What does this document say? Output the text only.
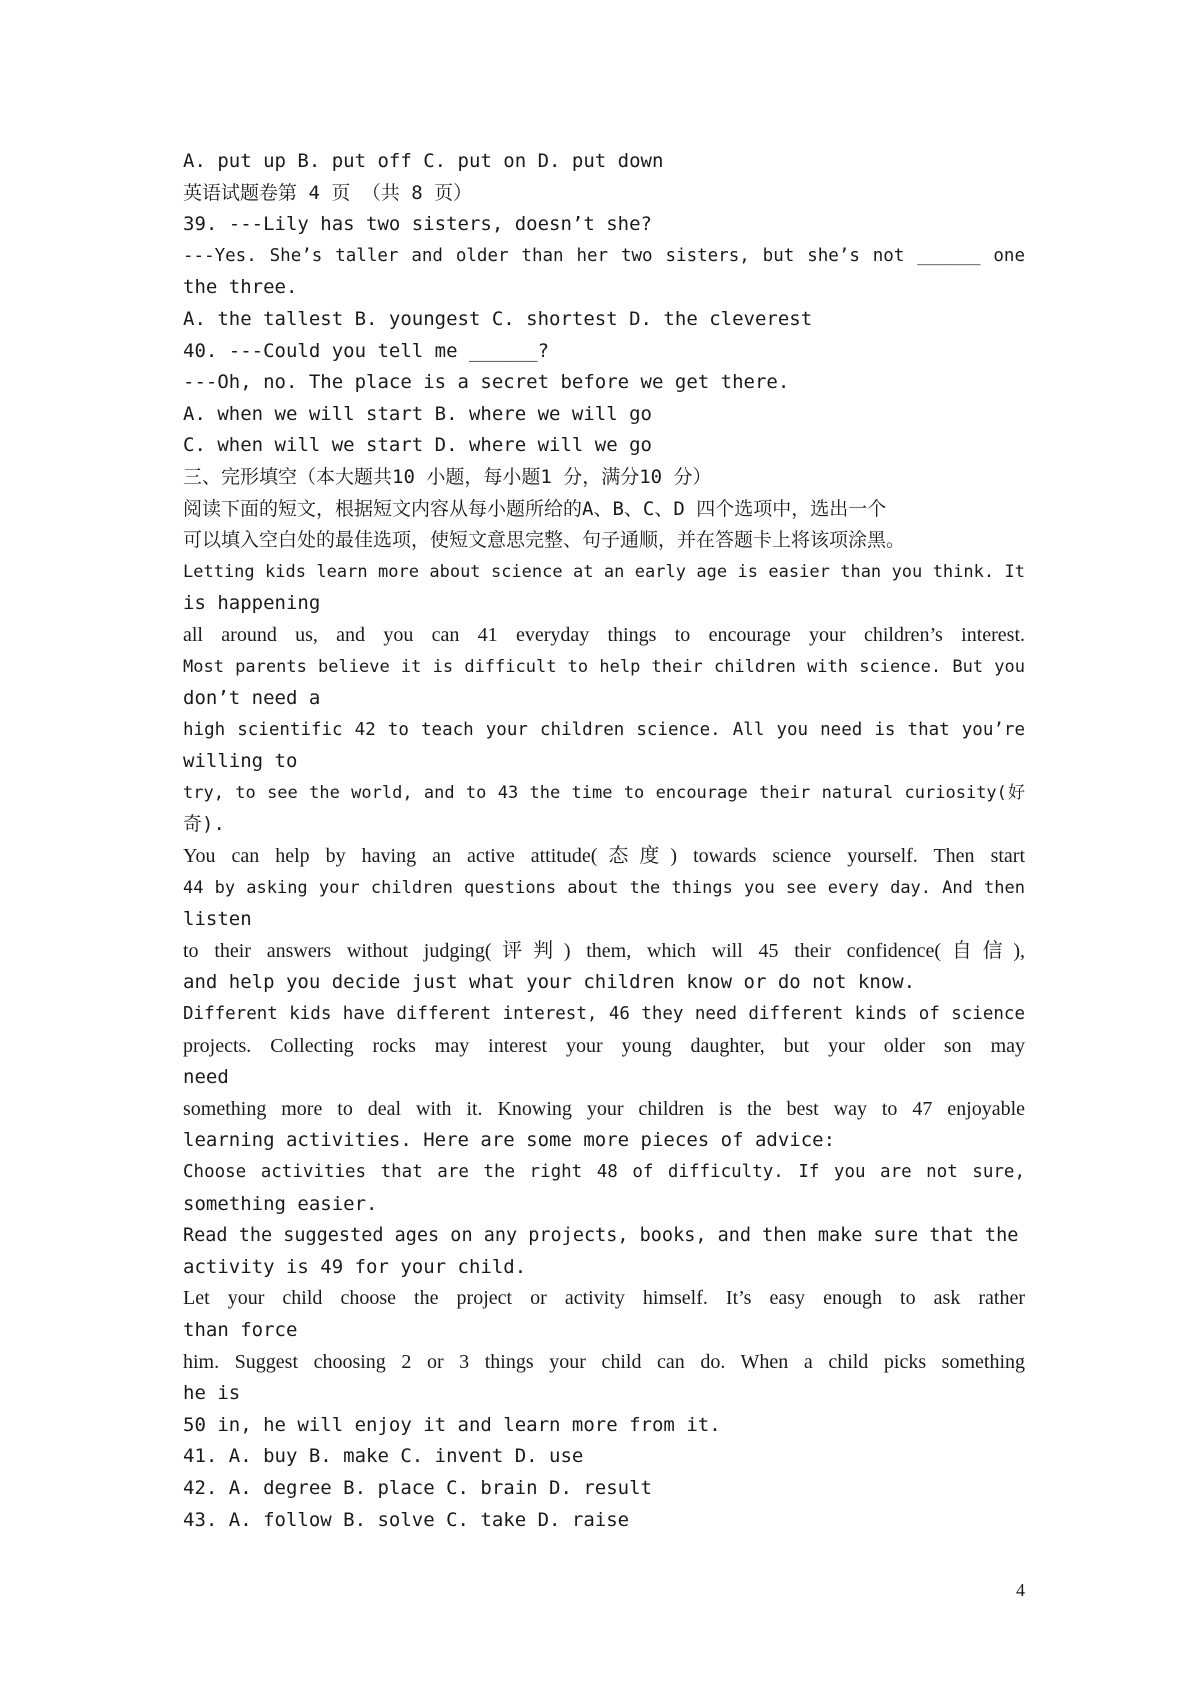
A. put up B. put off C. put on D. put down
英语试题卷第 4 页 （共 8 页）
39. ---Lily has two sisters, doesn’t she?
---Yes. She’s taller and older than her two sisters, but she’s not ______ one
the three.
A. the tallest B. youngest C. shortest D. the cleverest
40. ---Could you tell me ______?
---Oh, no. The place is a secret before we get there.
A. when we will start B. where we will go
C. when will we start D. where will we go
三、完形填空（本大题共10 小题，每小题1 分，满分10 分）
阅读下面的短文，根据短文内容从每小题所给的A、B、C、D 四个选项中，选出一个
可以填入空白处的最佳选项，使短文意思完整、句子通顺，并在答题卡上将该项涂黑。
Letting kids learn more about science at an early age is easier than you think. It
is happening
all around us, and you can 41 everyday things to encourage your children’s interest.
Most parents believe it is difficult to help their children with science. But you
don’t need a
high scientific 42 to teach your children science. All you need is that you’re
willing to
try, to see the world, and to 43 the time to encourage their natural curiosity(好
奇).
You can help by having an active attitude(态度) towards science yourself. Then start
44 by asking your children questions about the things you see every day. And then
listen
to their answers without judging(评判) them, which will 45 their confidence(自信),
and help you decide just what your children know or do not know.
Different kids have different interest, 46 they need different kinds of science
projects. Collecting rocks may interest your young daughter, but your older son may
need
something more to deal with it. Knowing your children is the best way to 47 enjoyable
learning activities. Here are some more pieces of advice:
Choose activities that are the right 48 of difficulty. If you are not sure,
something easier.
Read the suggested ages on any projects, books, and then make sure that the
activity is 49 for your child.
Let your child choose the project or activity himself. It’s easy enough to ask rather
than force
him. Suggest choosing 2 or 3 things your child can do. When a child picks something
he is
50 in, he will enjoy it and learn more from it.
41. A. buy B. make C. invent D. use
42. A. degree B. place C. brain D. result
43. A. follow B. solve C. take D. raise
4
